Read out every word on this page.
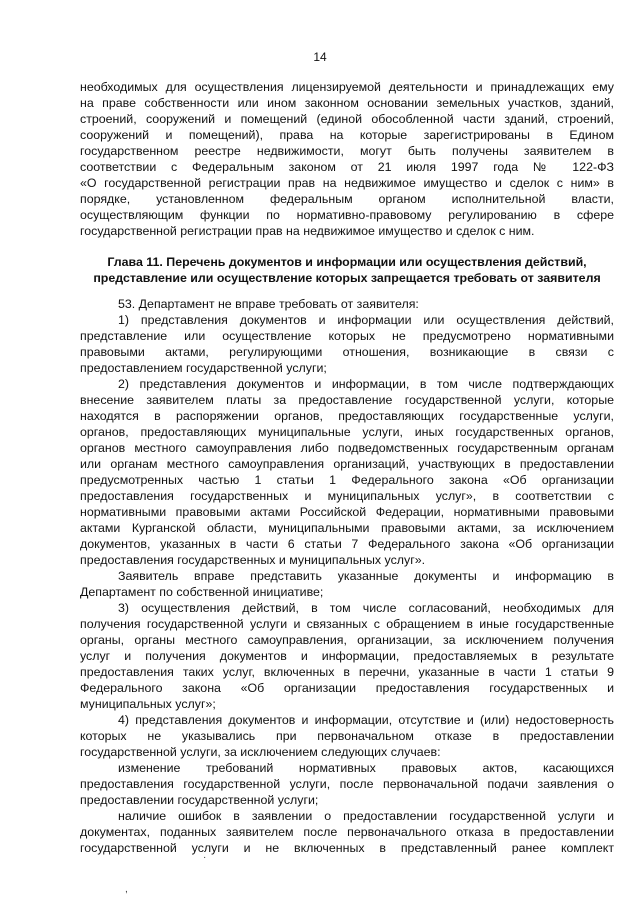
14
необходимых для осуществления лицензируемой деятельности и принадлежащих ему
на праве собственности или ином законном основании земельных участков, зданий,
строений, сооружений и помещений (единой обособленной части зданий, строений,
сооружений и помещений), права на которые зарегистрированы в Едином
государственном реестре недвижимости, могут быть получены заявителем в
соответствии с Федеральным законом от 21 июля 1997 года № 122-ФЗ
«О государственной регистрации прав на недвижимое имущество и сделок с ним» в
порядке, установленном федеральным органом исполнительной власти,
осуществляющим функции по нормативно-правовому регулированию в сфере
государственной регистрации прав на недвижимое имущество и сделок с ним.
Глава 11. Перечень документов и информации или осуществления действий,
представление или осуществление которых запрещается требовать от заявителя
53. Департамент не вправе требовать от заявителя:
1) представления документов и информации или осуществления действий,
представление или осуществление которых не предусмотрено нормативными
правовыми актами, регулирующими отношения, возникающие в связи с
предоставлением государственной услуги;
2) представления документов и информации, в том числе подтверждающих
внесение заявителем платы за предоставление государственной услуги, которые
находятся в распоряжении органов, предоставляющих государственные услуги,
органов, предоставляющих муниципальные услуги, иных государственных органов,
органов местного самоуправления либо подведомственных государственным органам
или органам местного самоуправления организаций, участвующих в предоставлении
предусмотренных частью 1 статьи 1 Федерального закона «Об организации
предоставления государственных и муниципальных услуг», в соответствии с
нормативными правовыми актами Российской Федерации, нормативными правовыми
актами Курганской области, муниципальными правовыми актами, за исключением
документов, указанных в части 6 статьи 7 Федерального закона «Об организации
предоставления государственных и муниципальных услуг».
Заявитель вправе представить указанные документы и информацию в
Департамент по собственной инициативе;
3) осуществления действий, в том числе согласований, необходимых для
получения государственной услуги и связанных с обращением в иные государственные
органы, органы местного самоуправления, организации, за исключением получения
услуг и получения документов и информации, предоставляемых в результате
предоставления таких услуг, включенных в перечни, указанные в части 1 статьи 9
Федерального закона «Об организации предоставления государственных и
муниципальных услуг»;
4) представления документов и информации, отсутствие и (или) недостоверность
которых не указывались при первоначальном отказе в предоставлении
государственной услуги, за исключением следующих случаев:
изменение требований нормативных правовых актов, касающихся
предоставления государственной услуги, после первоначальной подачи заявления о
предоставлении государственной услуги;
наличие ошибок в заявлении о предоставлении государственной услуги и
документах, поданных заявителем после первоначального отказа в предоставлении
государственной услуги и не включенных в представленный ранее комплект
·
,
